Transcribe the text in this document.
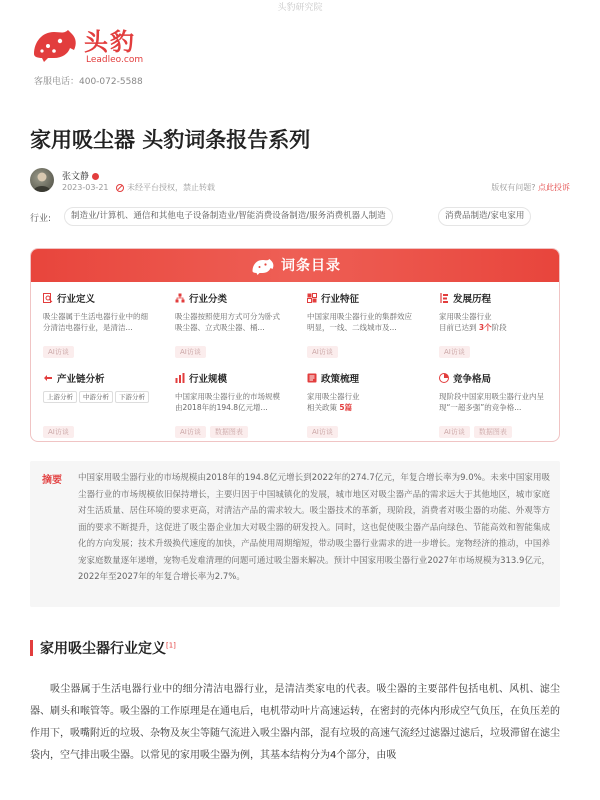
头豹研究院
头豹
Leadleo.com
客服电话：400-072-5588
家用吸尘器 头豹词条报告系列
张文静
2023-03-21	未经平台授权，禁止转载	版权有问题? 点此投诉
行业:	制造业/计算机、通信和其他电子设备制造业/智能消费设备制造/服务消费机器人制造	消费品制造/家电家用
词条目录
行业定义
吸尘器属于生活电器行业中的细分清洁电器行业，是清洁...
AI访谈
行业分类
吸尘器按照使用方式可分为卧式吸尘器、立式吸尘器、桶...
AI访谈
行业特征
中国家用吸尘器行业的集群效应明显，一线、二线城市及...
AI访谈
发展历程
家用吸尘器行业
目前已达到 3个阶段
AI访谈
产业链分析
上游分析 中游分析 下游分析
AI访谈
行业规模
中国家用吸尘器行业的市场规模由2018年的194.8亿元增...
AI访谈 数据图表
政策梳理
家用吸尘器行业
相关政策 5篇
AI访谈
竞争格局
现阶段中国家用吸尘器行业内呈现“一超多强”的竞争格...
AI访谈 数据图表
摘要 中国家用吸尘器行业的市场规模由2018年的194.8亿元增长到2022年的274.7亿元，年复合增长率为9.0%。未来中国家用吸尘器行业的市场规模依旧保持增长，主要归因于中国城镇化的发展，城市地区对吸尘器产品的需求远大于其他地区，城市家庭对生活质量、居住环境的要求更高，对清洁产品的需求较大。吸尘器技术的革新，现阶段，消费者对吸尘器的功能、外观等方面的要求不断提升，这促进了吸尘器企业加大对吸尘器的研发投入。同时，这也促使吸尘器产品向绿色、节能高效和智能集成化的方向发展；技术升级换代速度的加快，产品使用周期缩短，带动吸尘器行业需求的进一步增长。宠物经济的推动，中国养宠家庭数量逐年递增，宠物毛发难清理的问题可通过吸尘器来解决。预计中国家用吸尘器行业2027年市场规模为313.9亿元，2022年至2027年的年复合增长率为2.7%。
家用吸尘器行业定义[1]
吸尘器属于生活电器行业中的细分清洁电器行业，是清洁类家电的代表。吸尘器的主要部件包括电机、风机、滤尘器、刷头和喉管等。吸尘器的工作原理是在通电后，电机带动叶片高速运转，在密封的壳体内形成空气负压，在负压差的作用下，吸嘴附近的垃圾、杂物及灰尘等随气流进入吸尘器内部，混有垃圾的高速气流经过滤器过滤后，垃圾滞留在滤尘袋内，空气排出吸尘器。以常见的家用吸尘器为例，其基本结构分为4个部分，由吸
